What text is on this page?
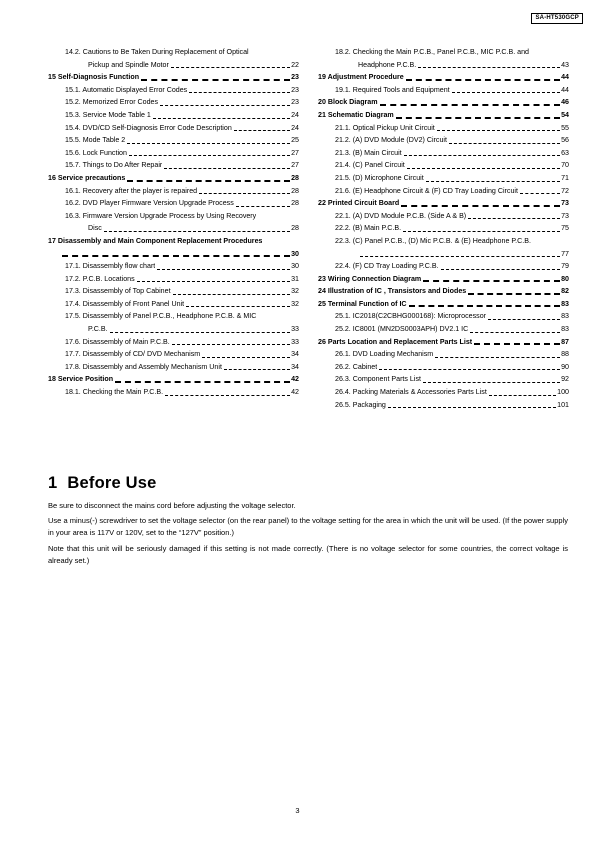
SA-HT530GCP
14.2. Cautions to Be Taken During Replacement of Optical
Pickup and Spindle Motor	22
15 Self-Diagnosis Function	23
15.1. Automatic Displayed Error Codes	23
15.2. Memorized Error Codes	23
15.3. Service Mode Table 1	24
15.4. DVD/CD Self-Diagnosis Error Code Description	24
15.5. Mode Table 2	25
15.6. Lock Function	27
15.7. Things to Do After Repair	27
16 Service precautions	28
16.1. Recovery after the player is repaired	28
16.2. DVD Player Firmware Version Upgrade Process	28
16.3. Firmware Version Upgrade Process by Using Recovery
Disc	28
17 Disassembly and Main Component Replacement Procedures
30
17.1. Disassembly flow chart	30
17.2. P.C.B. Locations	31
17.3. Disassembly of Top Cabinet	32
17.4. Disassembly of Front Panel Unit	32
17.5. Disassembly of Panel P.C.B., Headphone P.C.B. & MIC
P.C.B.	33
17.6. Disassembly of Main P.C.B.	33
17.7. Disassembly of CD/ DVD Mechanism	34
17.8. Disassembly and Assembly Mechanism Unit	34
18 Service Position	42
18.1. Checking the Main P.C.B.	42
18.2. Checking the Main P.C.B., Panel P.C.B., MIC P.C.B. and
Headphone P.C.B.	43
19 Adjustment Procedure	44
19.1. Required Tools and Equipment	44
20 Block Diagram	46
21 Schematic Diagram	54
21.1. Optical Pickup Unit Circuit	55
21.2. (A) DVD Module (DV2) Circuit	56
21.3. (B) Main Circuit	63
21.4. (C) Panel Circuit	70
21.5. (D) Microphone Circuit	71
21.6. (E) Headphone Circuit & (F) CD Tray Loading Circuit	72
22 Printed Circuit Board	73
22.1. (A) DVD Module P.C.B. (Side A & B)	73
22.2. (B) Main P.C.B.	75
22.3. (C) Panel P.C.B., (D) Mic P.C.B. & (E) Headphone P.C.B.
77
22.4. (F) CD Tray Loading P.C.B.	79
23 Wiring Connection Diagram	80
24 Illustration of IC , Transistors and Diodes	82
25 Terminal Function of IC	83
25.1. IC2018(C2CBHG000168): Microprocessor	83
25.2. IC8001 (MN2DS0003APH) DV2.1 IC	83
26 Parts Location and Replacement Parts List	87
26.1. DVD Loading Mechanism	88
26.2. Cabinet	90
26.3. Component Parts List	92
26.4. Packing Materials & Accessories Parts List	100
26.5. Packaging	101
1 Before Use

Be sure to disconnect the mains cord before adjusting the voltage selector.

Use a minus(-) screwdriver to set the voltage selector (on the rear panel) to the voltage setting for the area in which the unit will be used. (If the power supply in your area is 117V or 120V, set to the “127V” position.)

Note that this unit will be seriously damaged if this setting is not made correctly. (There is no voltage selector for some countries, the correct voltage is already set.)

3
